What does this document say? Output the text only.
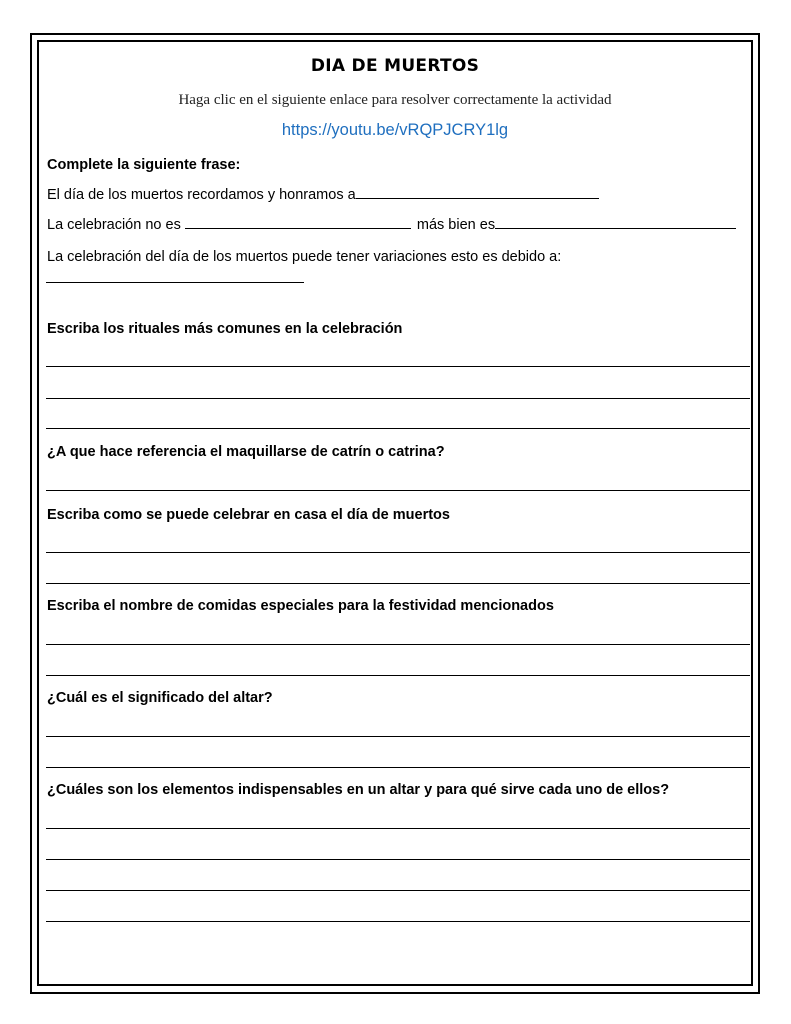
DIA DE MUERTOS
Haga clic en el siguiente enlace para resolver correctamente la actividad
https://youtu.be/vRQPJCRY1lg
Complete la siguiente frase:
El día de los muertos recordamos y honramos a
La celebración no es	más bien es
La celebración del día de los muertos puede tener variaciones esto es debido a:
Escriba los rituales más comunes en la celebración
¿A que hace referencia el maquillarse de catrín o catrina?
Escriba como se puede celebrar en casa el día de muertos
Escriba el nombre de comidas especiales para la festividad mencionados
¿Cuál es el significado del altar?
¿Cuáles son los elementos indispensables en un altar y para qué sirve cada uno de ellos?
